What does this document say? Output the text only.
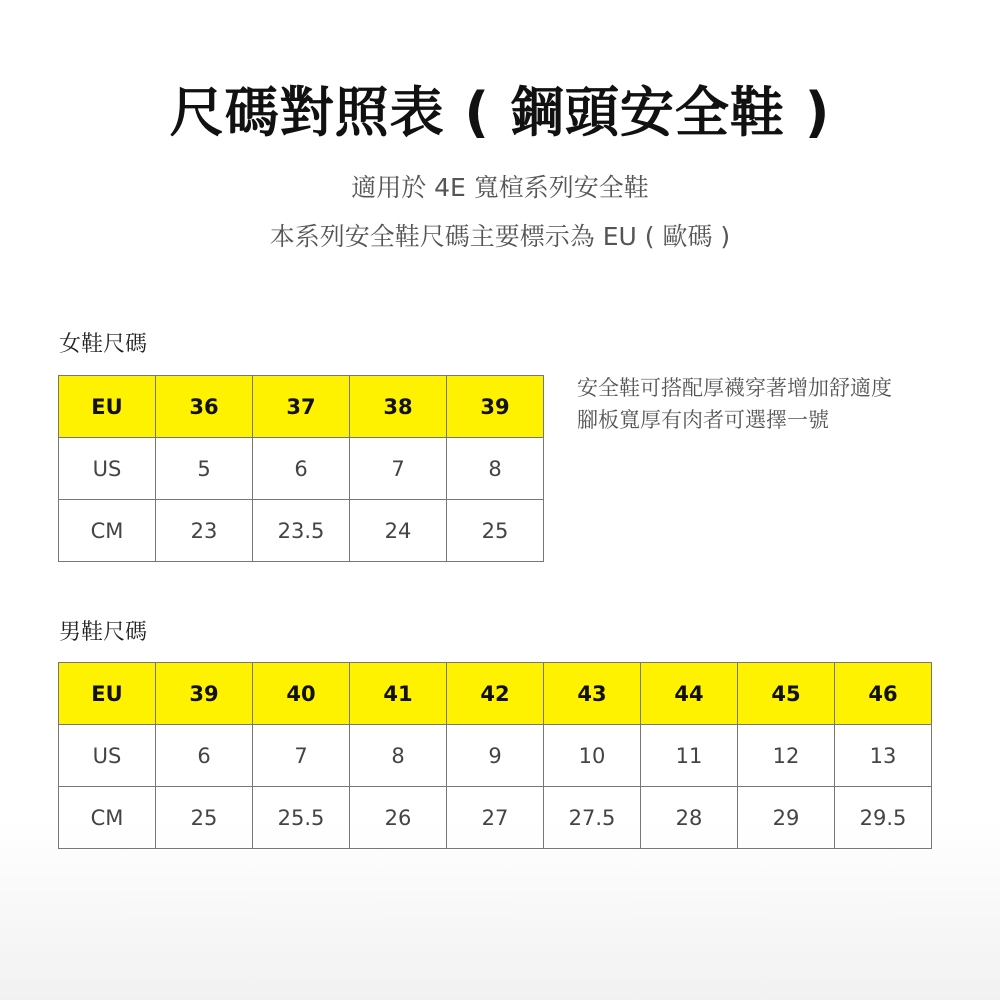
尺碼對照表 ( 鋼頭安全鞋 )
適用於 4E 寬楦系列安全鞋
本系列安全鞋尺碼主要標示為 EU ( 歐碼 )
女鞋尺碼
EU	36	37	38	39
US	5	6	7	8
CM	23	23.5	24	25
安全鞋可搭配厚襪穿著增加舒適度
腳板寬厚有肉者可選擇一號
男鞋尺碼
EU	39	40	41	42	43	44	45	46
US	6	7	8	9	10	11	12	13
CM	25	25.5	26	27	27.5	28	29	29.5
